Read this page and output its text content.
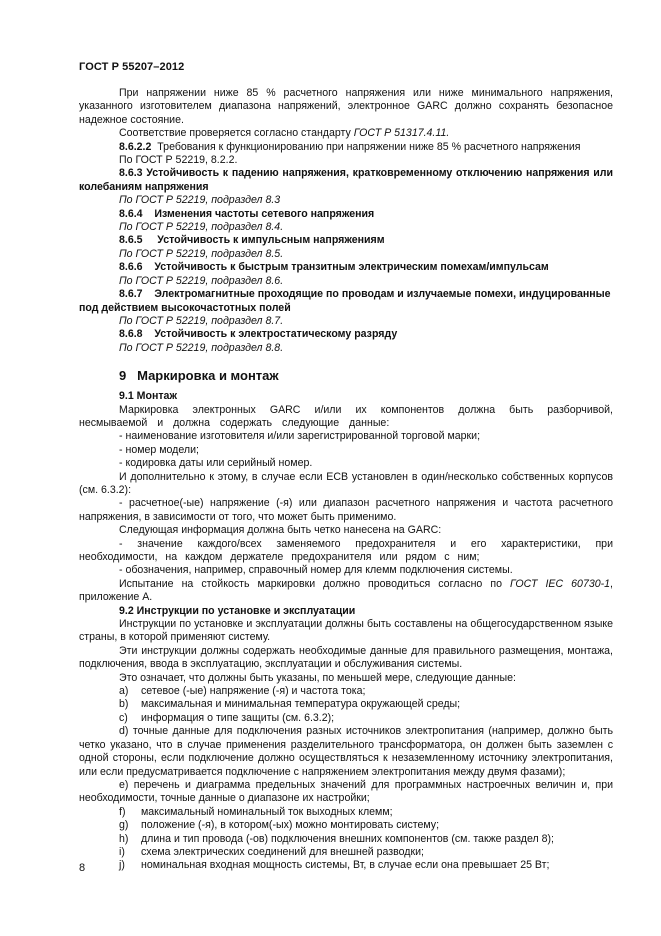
ГОСТ Р 55207–2012

При напряжении ниже 85 % расчетного напряжения или ниже минимального напряжения, указанного изготовителем диапазона напряжений, электронное GARC должно сохранять безопасное надежное состояние.

Соответствие проверяется согласно стандарту ГОСТ Р 51317.4.11.

8.6.2.2 Требования к функционированию при напряжении ниже 85 % расчетного напряжения

По ГОСТ Р 52219, 8.2.2.

8.6.3 Устойчивость к падению напряжения, кратковременному отключению напряжения или колебаниям напряжения

По ГОСТ Р 52219, подраздел 8.3

8.6.4 Изменения частоты сетевого напряжения

По ГОСТ Р 52219, подраздел 8.4.

8.6.5 Устойчивость к импульсным напряжениям

По ГОСТ Р 52219, подраздел 8.5.

8.6.6 Устойчивость к быстрым транзитным электрическим помехам/импульсам

По ГОСТ Р 52219, подраздел 8.6.

8.6.7 Электромагнитные проходящие по проводам и излучаемые помехи, индуцированные под действием высокочастотных полей

По ГОСТ Р 52219, подраздел 8.7.

8.6.8 Устойчивость к электростатическому разряду

По ГОСТ Р 52219, подраздел 8.8.

9 Маркировка и монтаж

9.1 Монтаж

Маркировка электронных GARC и/или их компонентов должна быть разборчивой, несмываемой и должна содержать следующие данные:

- наименование изготовителя и/или зарегистрированной торговой марки;

- номер модели;

- кодировка даты или серийный номер.

И дополнительно к этому, в случае если ЕСВ установлен в один/несколько собственных корпусов (см. 6.3.2):

- расчетное(-ые) напряжение (-я) или диапазон расчетного напряжения и частота расчетного напряжения, в зависимости от того, что может быть применимо.

Следующая информация должна быть четко нанесена на GARC:

- значение каждого/всех заменяемого предохранителя и его характеристики, при необходимости, на каждом держателе предохранителя или рядом с ним;

- обозначения, например, справочный номер для клемм подключения системы.

Испытание на стойкость маркировки должно проводиться согласно по ГОСТ IEC 60730-1, приложение А.

9.2 Инструкции по установке и эксплуатации

Инструкции по установке и эксплуатации должны быть составлены на общегосударственном языке страны, в которой применяют систему.

Эти инструкции должны содержать необходимые данные для правильного размещения, монтажа, подключения, ввода в эксплуатацию, эксплуатации и обслуживания системы.

Это означает, что должны быть указаны, по меньшей мере, следующие данные:

а)	сетевое (-ые) напряжение (-я) и частота тока;
b)	максимальная и минимальная температура окружающей среды;
c)	информация о типе защиты (см. 6.3.2);

d) точные данные для подключения разных источников электропитания (например, должно быть четко указано, что в случае применения разделительного трансформатора, он должен быть заземлен с одной стороны, если подключение должно осуществляться к незаземленному источнику электропитания, или если предусматривается подключение с напряжением электропитания между двумя фазами);

e) перечень и диаграмма предельных значений для программных настроечных величин и, при необходимости, точные данные о диапазоне их настройки;

f)	максимальный номинальный ток выходных клемм;
g)	положение (-я), в котором(-ых) можно монтировать систему;
h)	длина и тип провода (-ов) подключения внешних компонентов (см. также раздел 8);
i)	схема электрических соединений для внешней разводки;
j)	номинальная входная мощность системы, Вт, в случае если она превышает 25 Вт;
8
